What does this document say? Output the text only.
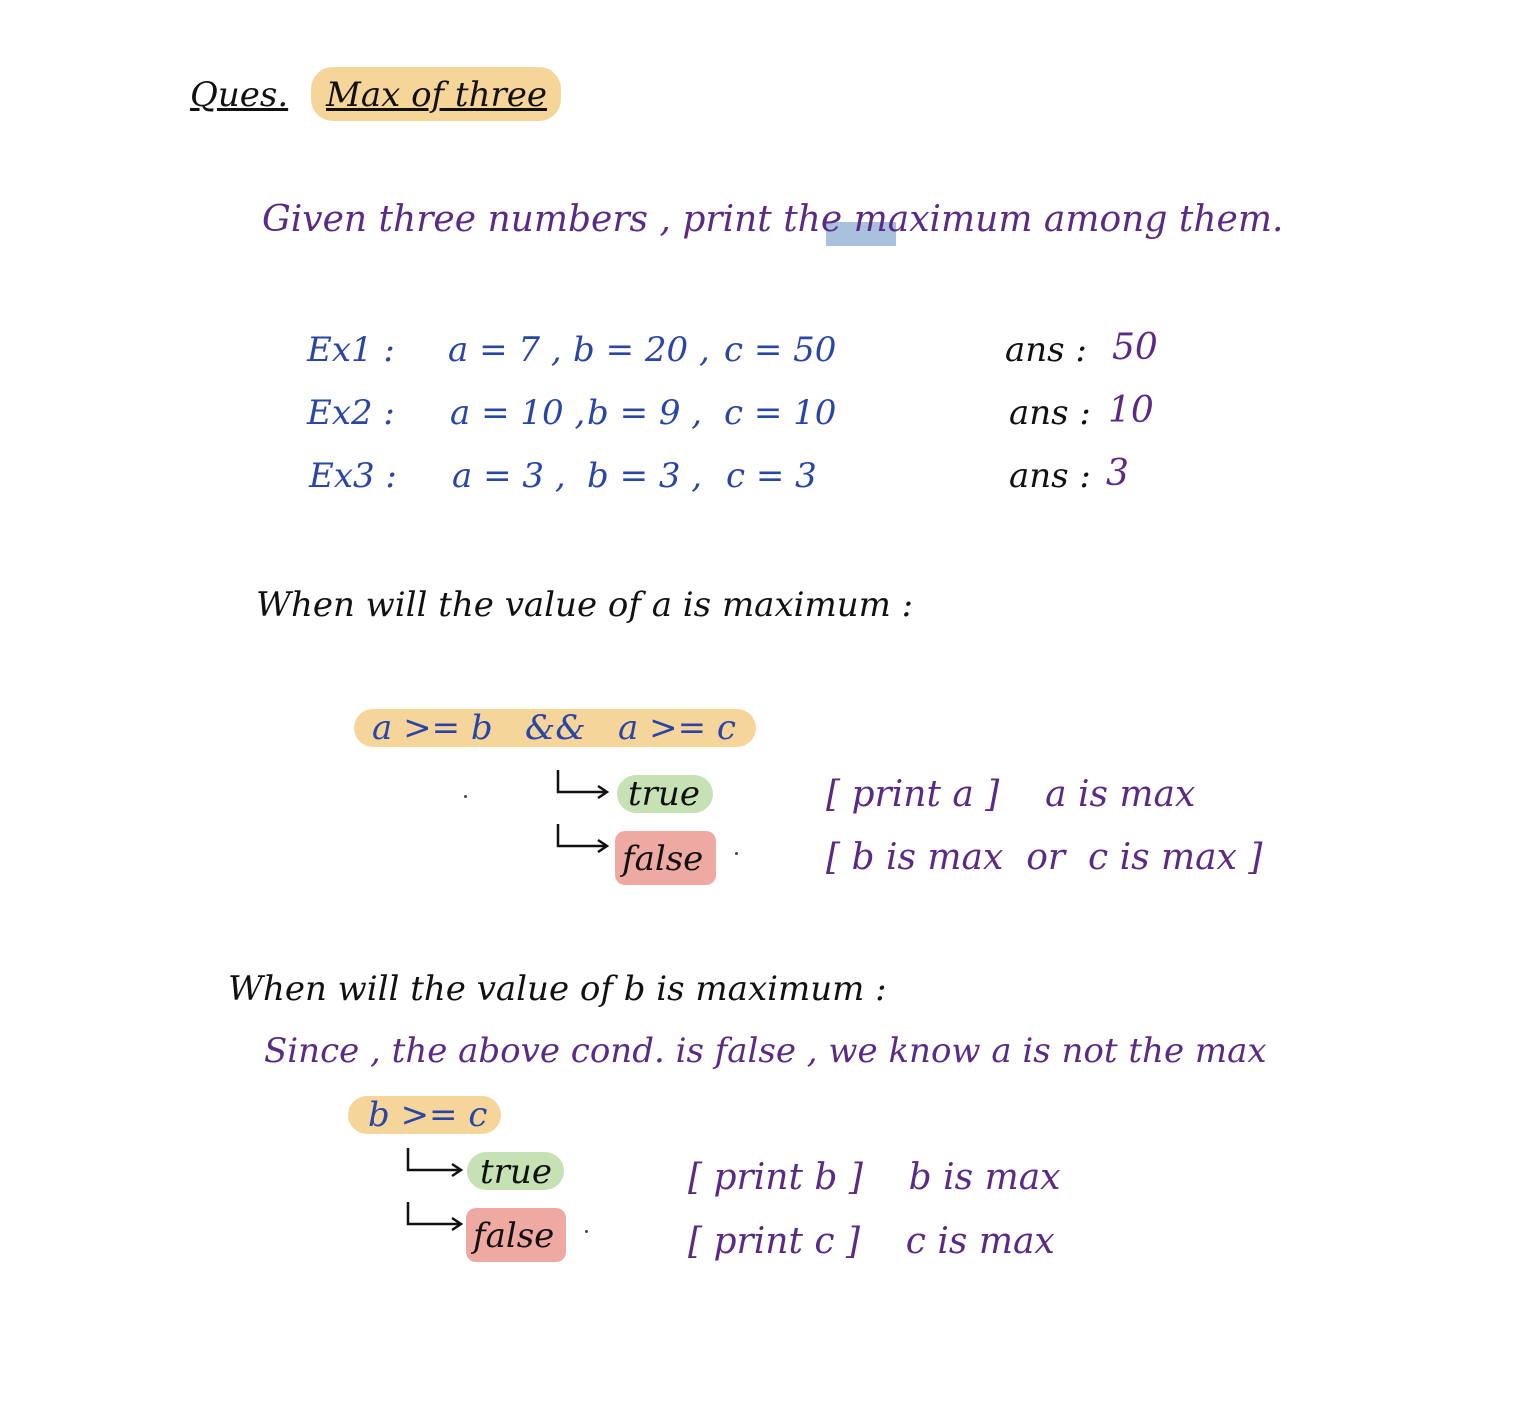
Ques. Max of three
Given three numbers , print the maximum among them.
Ex1 : a = 7 , b = 20 , c = 50	ans : 50
Ex2 : a = 10 , b = 9 , c = 10	ans : 10
Ex3 : a = 3 , b = 3 , c = 3	ans : 3
When will the value of a is maximum :
a >= b   &&   a >= c
true
false
[ print a ]    a is max
[ b is max  or  c is max ]
When will the value of b is maximum :
Since , the above cond. is false , we know a is not the max
b >= c
true
false
[ print b ]    b is max
[ print c ]    c is max
